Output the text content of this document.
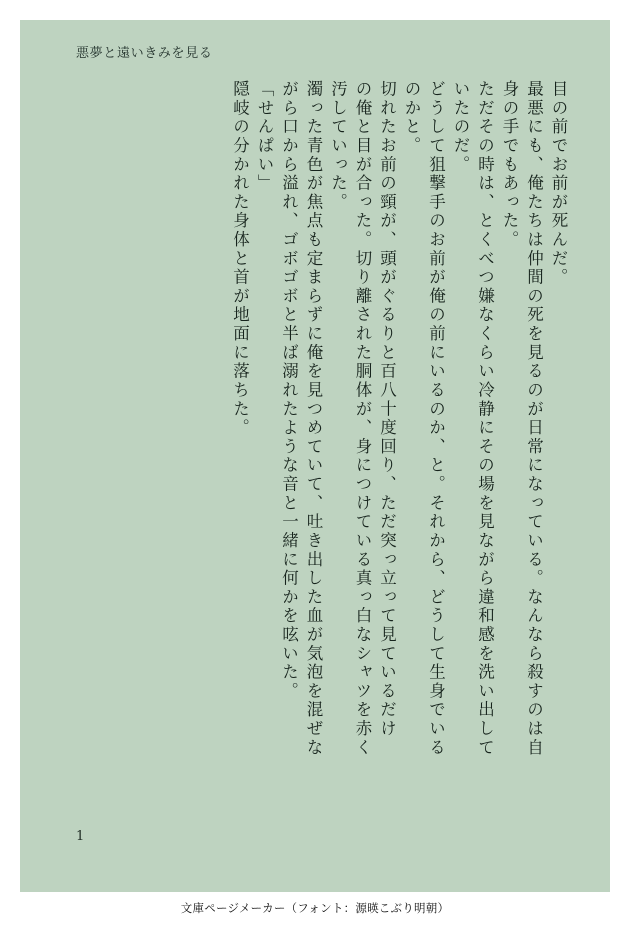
悪夢と遠いきみを見る
目の前でお前が死んだ。
最悪にも、俺たちは仲間の死を見るのが日常になっている。なんなら殺すのは自
身の手でもあった。
ただその時は、とくべつ嫌なくらい冷静にその場を見ながら違和感を洗い出して
いたのだ。
どうして狙撃手のお前が俺の前にいるのか、と。それから、どうして生身でいる
のかと。
切れたお前の頸が、頭がぐるりと百八十度回り、ただ突っ立って見ているだけ
の俺と目が合った。切り離された胴体が、身につけている真っ白なシャツを赤く
汚していった。
濁った青色が焦点も定まらずに俺を見つめていて、吐き出した血が気泡を混ぜな
がら口から溢れ、ゴボゴボと半ば溺れたような音と一緒に何かを呟いた。
「せんぱい」
隠岐の分かれた身体と首が地面に落ちた。
1
文庫ページメーカー（フォント：源暎こぶり明朝）
